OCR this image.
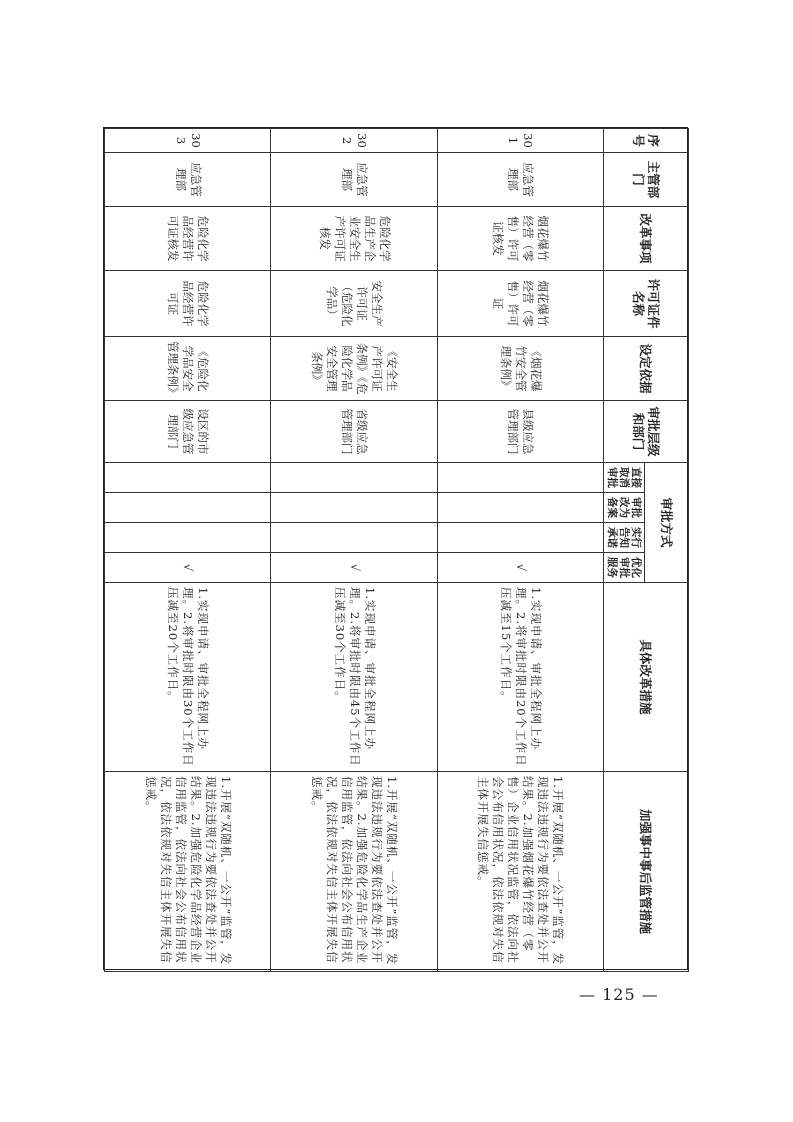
序号	主管部门	改革事项	许可证件名称	设定依据	审批层级和部门	审批方式				具体改革措施	加强事中事后监管措施
						直接取消审批	审批改为备案	实行告知承诺	优化审批服务		
301	应急管理部	烟花爆竹经营（零售）许可证核发	烟花爆竹经营（零售）许可证	《烟花爆竹安全管理条例》	县级应急管理部门				√	1.实现申请、审批全程网上办理。2.将审批时限由20个工作日压减至15个工作日。	1.开展“双随机、一公开”监管，发现违法违规行为要依法查处并公开结果。2.加强烟花爆竹经营（零售）企业信用状况监管，依法向社会公布信用状况，依法依规对失信主体开展失信惩戒。
302	应急管理部	危险化学品生产企业安全生产许可证核发	安全生产许可证（危险化学品）	《安全生产许可证条例》《危险化学品安全管理条例》	省级应急管理部门				√	1.实现申请、审批全程网上办理。2.将审批时限由45个工作日压减至30个工作日。	1.开展“双随机、一公开”监管，发现违法违规行为要依法查处并公开结果。2.加强危险化学品生产企业信用监管，依法向社会公布信用状况，依法依规对失信主体开展失信惩戒。
303	应急管理部	危险化学品经营许可证核发	危险化学品经营许可证	《危险化学品安全管理条例》	设区的市级应急管理部门				√	1.实现申请、审批全程网上办理。2.将审批时限由30个工作日压减至20个工作日。	1.开展“双随机、一公开”监管，发现违法违规行为要依法查处并公开结果。2.加强危险化学品经营企业信用监管，依法向社会公布信用状况，依法依规对失信主体开展失信惩戒。
— 125 —
